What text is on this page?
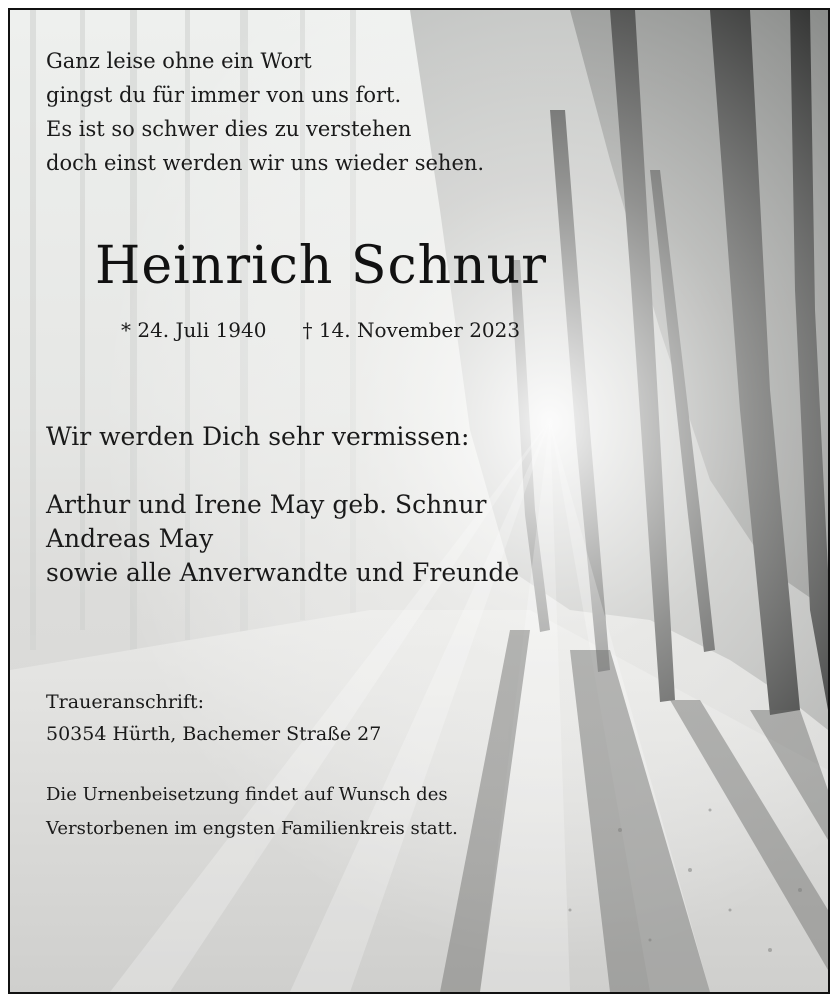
Ganz leise ohne ein Wort
gingst du für immer von uns fort.
Es ist so schwer dies zu verstehen
doch einst werden wir uns wieder sehen.
Heinrich Schnur
* 24. Juli 1940 † 14. November 2023
Wir werden Dich sehr vermissen:
Arthur und Irene May geb. Schnur
Andreas May
sowie alle Anverwandte und Freunde
Traueranschrift:
50354 Hürth, Bachemer Straße 27
Die Urnenbeisetzung findet auf Wunsch des
Verstorbenen im engsten Familienkreis statt.
